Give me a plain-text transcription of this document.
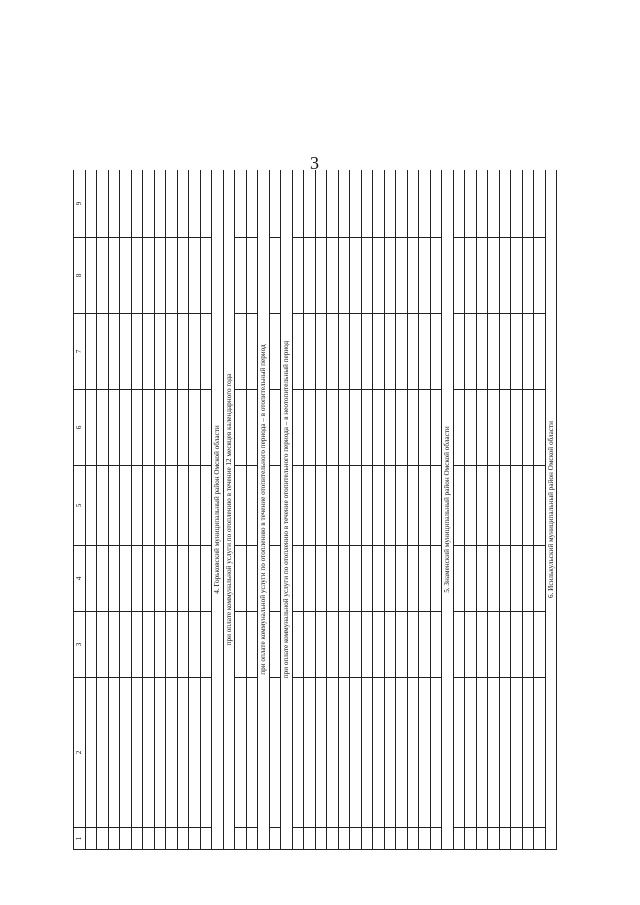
3
1	2	3	4	5	6	7	8	9

4. Горьковский муниципальный район Омской области								
при оплате коммунальной услуги по отоплению в течение 12 месяцев календарного года								

при оплате коммунальной услуги по отоплению в течение отопительного периода – в отопительный период								

при оплате коммунальной услуги по отоплению в течение отопительного периода – в неотопительный период								

5. Знаменский муниципальный район Омской области								

6. Исилькульский муниципальный район Омской области								
